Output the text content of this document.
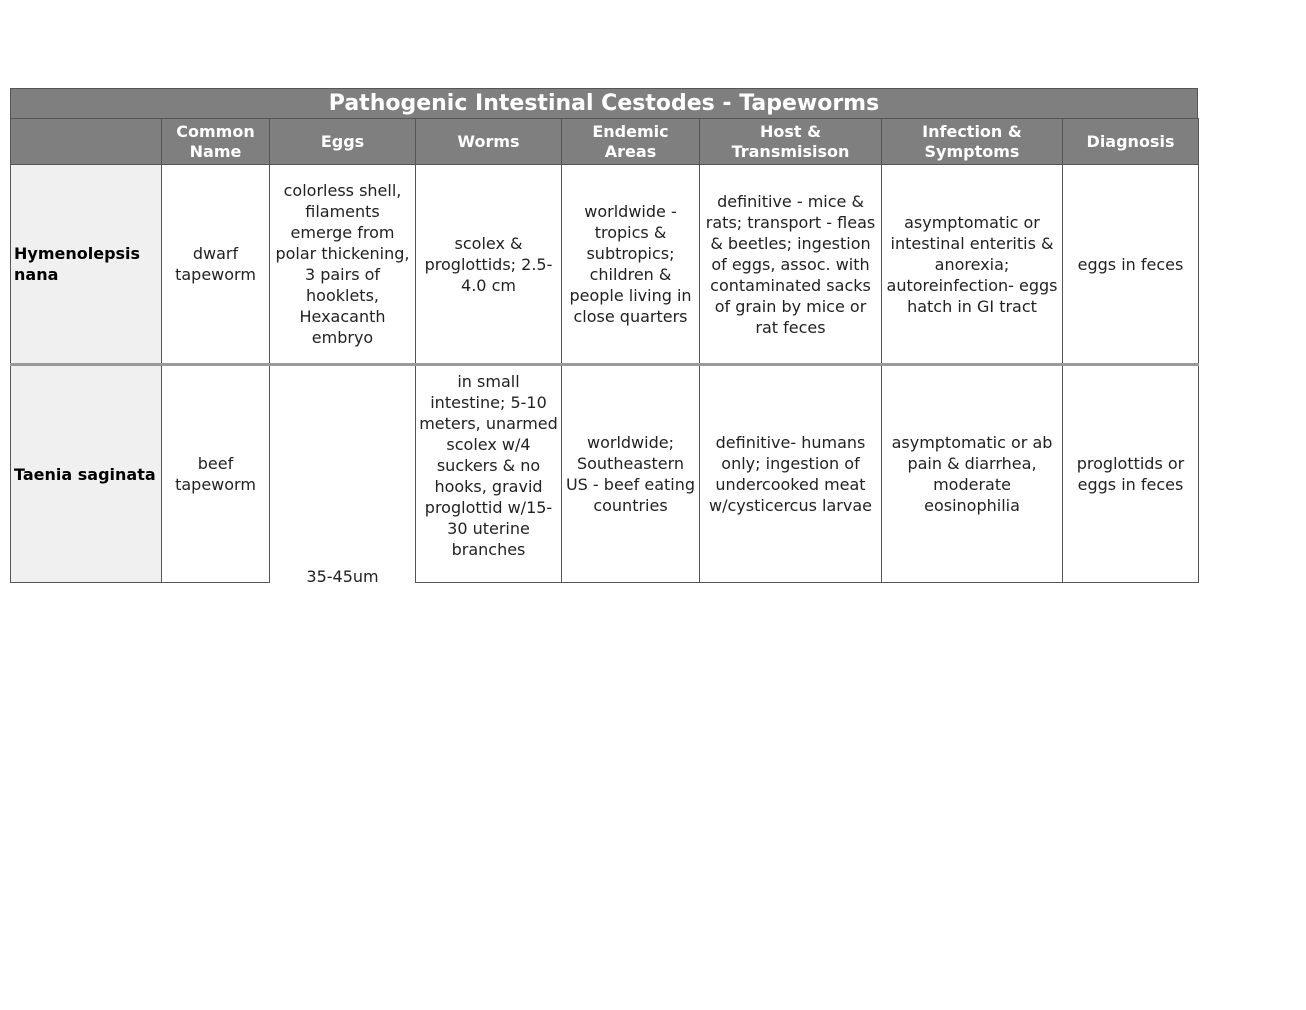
Pathogenic Intestinal Cestodes - Tapeworms
	Common Name	Eggs	Worms	Endemic Areas	Host & Transmisison	Infection & Symptoms	Diagnosis
Hymenolepsis nana	dwarf tapeworm	colorless shell, filaments emerge from polar thickening, 3 pairs of hooklets, Hexacanth embryo	scolex & proglottids; 2.5-4.0 cm	worldwide - tropics & subtropics; children & people living in close quarters	definitive - mice & rats; transport - fleas & beetles; ingestion of eggs, assoc. with contaminated sacks of grain by mice or rat feces	asymptomatic or intestinal enteritis & anorexia; autoreinfection- eggs hatch in GI tract	eggs in feces
Taenia saginata	beef tapeworm	35-45um	in small intestine; 5-10 meters, unarmed scolex w/4 suckers & no hooks, gravid proglottid w/15-30 uterine branches	worldwide; Southeastern US - beef eating countries	definitive- humans only; ingestion of undercooked meat w/cysticercus larvae	asymptomatic or ab pain & diarrhea, moderate eosinophilia	proglottids or eggs in feces
